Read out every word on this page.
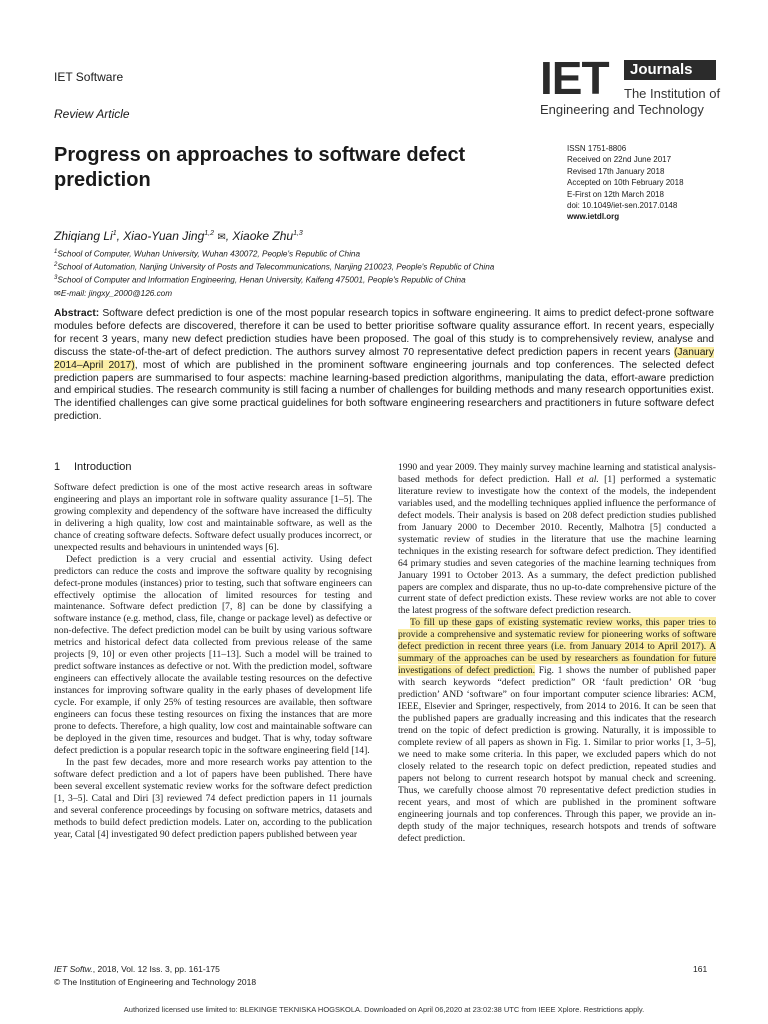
IET Software
Review Article
IET	Journals
The Institution of
Engineering and Technology
Progress on approaches to software defect prediction
ISSN 1751-8806
Received on 22nd June 2017
Revised 17th January 2018
Accepted on 10th February 2018
E-First on 12th March 2018
doi: 10.1049/iet-sen.2017.0148
www.ietdl.org
Zhiqiang Li$^1$, Xiao-Yuan Jing$^{1,2}$ ✉, Xiaoke Zhu$^{1,3}$
$^1$School of Computer, Wuhan University, Wuhan 430072, People's Republic of China
$^2$School of Automation, Nanjing University of Posts and Telecommunications, Nanjing 210023, People's Republic of China
$^3$School of Computer and Information Engineering, Henan University, Kaifeng 475001, People's Republic of China
✉E-mail: jingxy_2000@126.com
Abstract: Software defect prediction is one of the most popular research topics in software engineering. It aims to predict defect-prone software modules before defects are discovered, therefore it can be used to better prioritise software quality assurance effort. In recent years, especially for recent 3 years, many new defect prediction studies have been proposed. The goal of this study is to comprehensively review, analyse and discuss the state-of-the-art of defect prediction. The authors survey almost 70 representative defect prediction papers in recent years (January 2014–April 2017), most of which are published in the prominent software engineering journals and top conferences. The selected defect prediction papers are summarised to four aspects: machine learning-based prediction algorithms, manipulating the data, effort-aware prediction and empirical studies. The research community is still facing a number of challenges for building methods and many research opportunities exist. The identified challenges can give some practical guidelines for both software engineering researchers and practitioners in future software defect prediction.
1 Introduction

Software defect prediction is one of the most active research areas in software engineering and plays an important role in software quality assurance [1–5]. The growing complexity and dependency of the software have increased the difficulty in delivering a high quality, low cost and maintainable software, as well as the chance of creating software defects. Software defect usually produces incorrect, or unexpected results and behaviours in unintended ways [6].

Defect prediction is a very crucial and essential activity. Using defect predictors can reduce the costs and improve the software quality by recognising defect-prone modules (instances) prior to testing, such that software engineers can effectively optimise the allocation of limited resources for testing and maintenance. Software defect prediction [7, 8] can be done by classifying a software instance (e.g. method, class, file, change or package level) as defective or non-defective. The defect prediction model can be built by using various software metrics and historical defect data collected from previous release of the same projects [9, 10] or even other projects [11–13]. Such a model will be trained to predict software instances as defective or not. With the prediction model, software engineers can effectively allocate the available testing resources on the defective instances for improving software quality in the early phases of development life cycle. For example, if only 25% of testing resources are available, then software engineers can focus these testing resources on fixing the instances that are more prone to defects. Therefore, a high quality, low cost and maintainable software can be deployed in the given time, resources and budget. That is why, today software defect prediction is a popular research topic in the software engineering field [14].

In the past few decades, more and more research works pay attention to the software defect prediction and a lot of papers have been published. There have been several excellent systematic review works for the software defect prediction [1, 3–5]. Catal and Diri [3] reviewed 74 defect prediction papers in 11 journals and several conference proceedings by focusing on software metrics, datasets and methods to build defect prediction models. Later on, according to the publication year, Catal [4] investigated 90 defect prediction papers published between year

1990 and year 2009. They mainly survey machine learning and statistical analysis-based methods for defect prediction. Hall et al. [1] performed a systematic literature review to investigate how the context of the models, the independent variables used, and the modelling techniques applied influence the performance of defect models. Their analysis is based on 208 defect prediction studies published from January 2000 to December 2010. Recently, Malhotra [5] conducted a systematic review of studies in the literature that use the machine learning techniques in the existing research for software defect prediction. They identified 64 primary studies and seven categories of the machine learning techniques from January 1991 to October 2013. As a summary, the defect prediction published papers are complex and disparate, thus no up-to-date comprehensive picture of the current state of defect prediction exists. These review works are not able to cover the latest progress of the software defect prediction research.

To fill up these gaps of existing systematic review works, this paper tries to provide a comprehensive and systematic review for pioneering works of software defect prediction in recent three years (i.e. from January 2014 to April 2017). A summary of the approaches can be used by researchers as foundation for future investigations of defect prediction. Fig. 1 shows the number of published paper with search keywords “defect prediction” OR ‘fault prediction’ OR ‘bug prediction’ AND ‘software” on four important computer science libraries: ACM, IEEE, Elsevier and Springer, respectively, from 2014 to 2016. It can be seen that the published papers are gradually increasing and this indicates that the research trend on the topic of defect prediction is growing. Naturally, it is impossible to complete review of all papers as shown in Fig. 1. Similar to prior works [1, 3–5], we need to make some criteria. In this paper, we excluded papers which do not closely related to the research topic on defect prediction, repeated studies and papers not belong to current research hotspot by manual check and screening. Thus, we carefully choose almost 70 representative defect prediction studies in recent years, and most of which are published in the prominent software engineering journals and top conferences. Through this paper, we provide an in-depth study of the major techniques, research hotspots and trends of software defect prediction.

IET Softw., 2018, Vol. 12 Iss. 3, pp. 161-175
© The Institution of Engineering and Technology 2018
161
Authorized licensed use limited to: BLEKINGE TEKNISKA HOGSKOLA. Downloaded on April 06,2020 at 23:02:38 UTC from IEEE Xplore. Restrictions apply.
